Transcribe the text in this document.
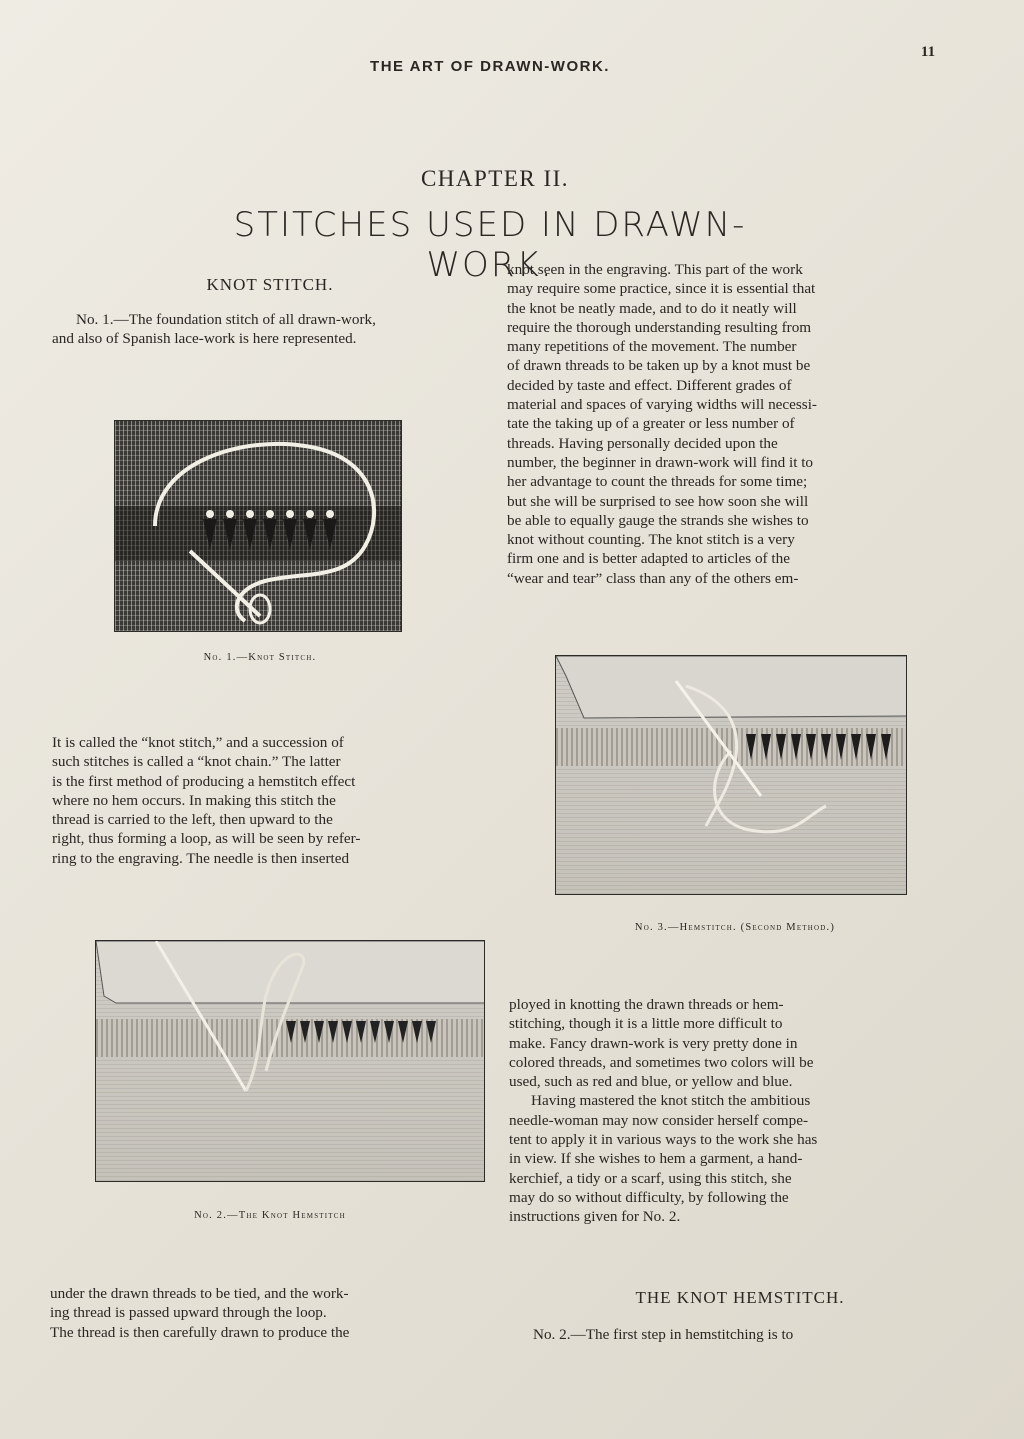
THE ART OF DRAWN-WORK.
11
CHAPTER II.
STITCHES USED IN DRAWN-WORK.
KNOT STITCH.
No. 1.—The foundation stitch of all drawn-work,
and also of Spanish lace-work is here represented.
No. 1.—Knot Stitch.
It is called the “knot stitch,” and a succession of
such stitches is called a “knot chain.” The latter
is the first method of producing a hemstitch effect
where no hem occurs. In making this stitch the
thread is carried to the left, then upward to the
right, thus forming a loop, as will be seen by refer-
ring to the engraving. The needle is then inserted
No. 2.—The Knot Hemstitch
under the drawn threads to be tied, and the work-
ing thread is passed upward through the loop.
The thread is then carefully drawn to produce the
knot seen in the engraving. This part of the work
may require some practice, since it is essential that
the knot be neatly made, and to do it neatly will
require the thorough understanding resulting from
many repetitions of the movement. The number
of drawn threads to be taken up by a knot must be
decided by taste and effect. Different grades of
material and spaces of varying widths will necessi-
tate the taking up of a greater or less number of
threads. Having personally decided upon the
number, the beginner in drawn-work will find it to
her advantage to count the threads for some time;
but she will be surprised to see how soon she will
be able to equally gauge the strands she wishes to
knot without counting. The knot stitch is a very
firm one and is better adapted to articles of the
“wear and tear” class than any of the others em-
No. 3.—Hemstitch. (Second Method.)
ployed in knotting the drawn threads or hem-
stitching, though it is a little more difficult to
make. Fancy drawn-work is very pretty done in
colored threads, and sometimes two colors will be
used, such as red and blue, or yellow and blue.
Having mastered the knot stitch the ambitious
needle-woman may now consider herself compe-
tent to apply it in various ways to the work she has
in view. If she wishes to hem a garment, a hand-
kerchief, a tidy or a scarf, using this stitch, she
may do so without difficulty, by following the
instructions given for No. 2.
THE KNOT HEMSTITCH.
No. 2.—The first step in hemstitching is to
